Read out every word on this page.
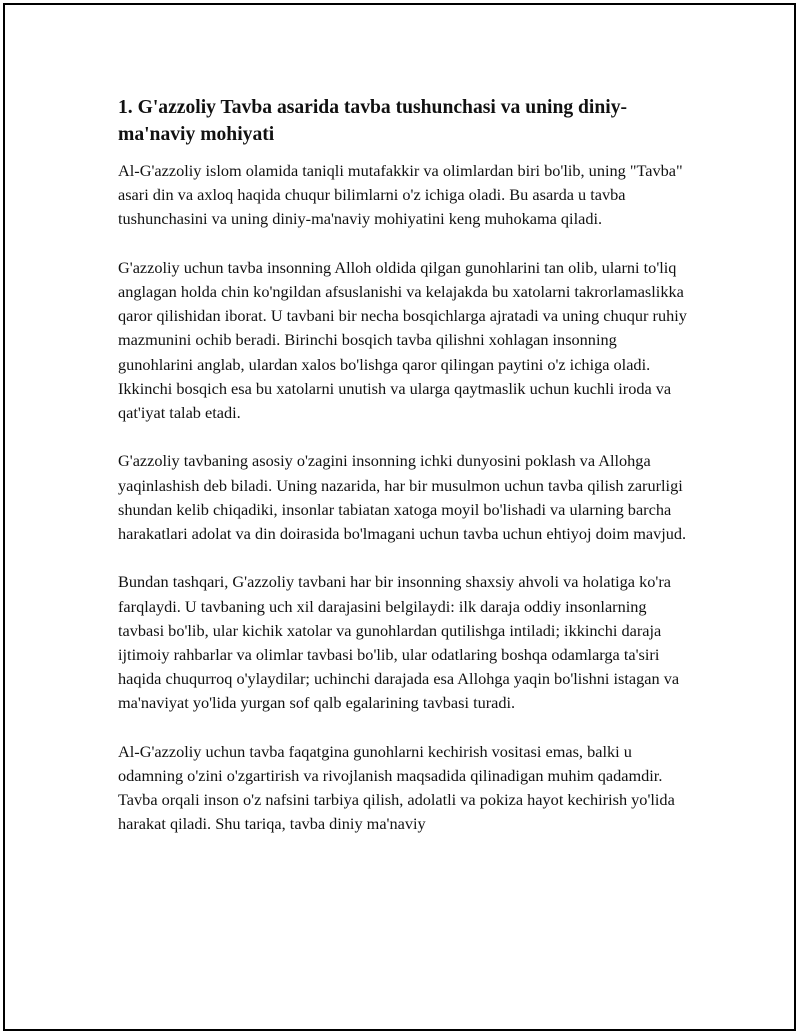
1. G'azzoliy Tavba asarida tavba tushunchasi va uning diniy-ma'naviy mohiyati

Al-G'azzoliy islom olamida taniqli mutafakkir va olimlardan biri bo'lib, uning "Tavba" asari din va axloq haqida chuqur bilimlarni o'z ichiga oladi. Bu asarda u tavba tushunchasini va uning diniy-ma'naviy mohiyatini keng muhokama qiladi.

G'azzoliy uchun tavba insonning Alloh oldida qilgan gunohlarini tan olib, ularni to'liq anglagan holda chin ko'ngildan afsuslanishi va kelajakda bu xatolarni takrorlamaslikka qaror qilishidan iborat. U tavbani bir necha bosqichlarga ajratadi va uning chuqur ruhiy mazmunini ochib beradi. Birinchi bosqich tavba qilishni xohlagan insonning gunohlarini anglab, ulardan xalos bo'lishga qaror qilingan paytini o'z ichiga oladi. Ikkinchi bosqich esa bu xatolarni unutish va ularga qaytmaslik uchun kuchli iroda va qat'iyat talab etadi.

G'azzoliy tavbaning asosiy o'zagini insonning ichki dunyosini poklash va Allohga yaqinlashish deb biladi. Uning nazarida, har bir musulmon uchun tavba qilish zarurligi shundan kelib chiqadiki, insonlar tabiatan xatoga moyil bo'lishadi va ularning barcha harakatlari adolat va din doirasida bo'lmagani uchun tavba uchun ehtiyoj doim mavjud.

Bundan tashqari, G'azzoliy tavbani har bir insonning shaxsiy ahvoli va holatiga ko'ra farqlaydi. U tavbaning uch xil darajasini belgilaydi: ilk daraja oddiy insonlarning tavbasi bo'lib, ular kichik xatolar va gunohlardan qutilishga intiladi; ikkinchi daraja ijtimoiy rahbarlar va olimlar tavbasi bo'lib, ular odatlaring boshqa odamlarga ta'siri haqida chuqurroq o'ylaydilar; uchinchi darajada esa Allohga yaqin bo'lishni istagan va ma'naviyat yo'lida yurgan sof qalb egalarining tavbasi turadi.

Al-G'azzoliy uchun tavba faqatgina gunohlarni kechirish vositasi emas, balki u odamning o'zini o'zgartirish va rivojlanish maqsadida qilinadigan muhim qadamdir. Tavba orqali inson o'z nafsini tarbiya qilish, adolatli va pokiza hayot kechirish yo'lida harakat qiladi. Shu tariqa, tavba diniy ma'naviy
